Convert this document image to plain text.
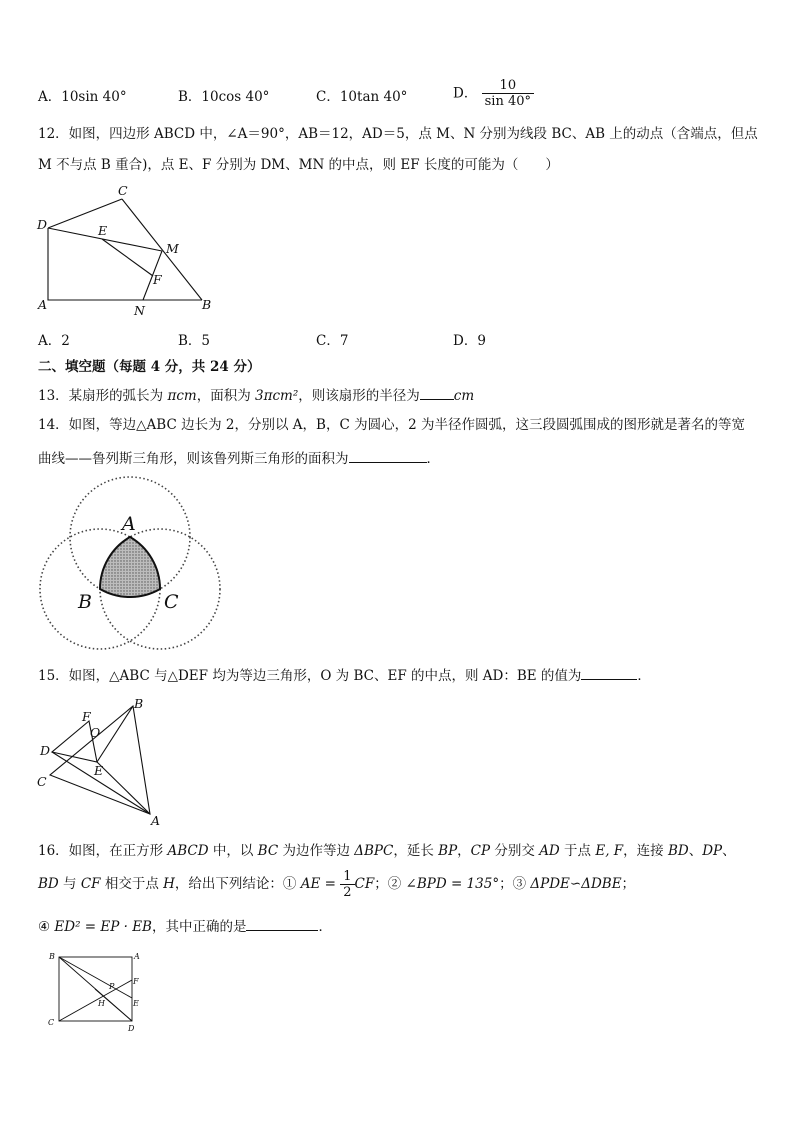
A．10sin 40°	B．10cos 40°	C．10tan 40°	D． $\frac{10}{\sin 40^\circ}$
12．如图，四边形 ABCD 中，∠A＝90°，AB＝12，AD＝5，点 M、N 分别为线段 BC、AB 上的动点（含端点，但点
M 不与点 B 重合)，点 E、F 分别为 DM、MN 的中点，则 EF 长度的可能为（　　）
C
D	E
M
F
A	N	B
A．2	B．5	C．7	D．9
二、填空题（每题 4 分，共 24 分）
13．某扇形的弧长为 πcm，面积为 3πcm²，则该扇形的半径为	cm
14．如图，等边△ABC 边长为 2，分别以 A，B，C 为圆心，2 为半径作圆弧，这三段圆弧围成的图形就是著名的等宽
曲线——鲁列斯三角形，则该鲁列斯三角形的面积为	．
A
B	C
15．如图，△ABC 与△DEF 均为等边三角形，O 为 BC、EF 的中点，则 AD：BE 的值为	．
F
O
B
D
E
C
A
16．如图，在正方形 ABCD 中，以 BC 为边作等边 ΔBPC，延长 BP，CP 分别交 AD 于点 E, F，连接 BD、DP、
BD 与 CF 相交于点 H，给出下列结论：① AE = $\frac{1}{2}$ CF；② ∠BPD = 135°；③ ΔPDE∽ΔDBE；
④ ED² = EP · EB，其中正确的是	．
B	A
F
P
E
H
C
D
